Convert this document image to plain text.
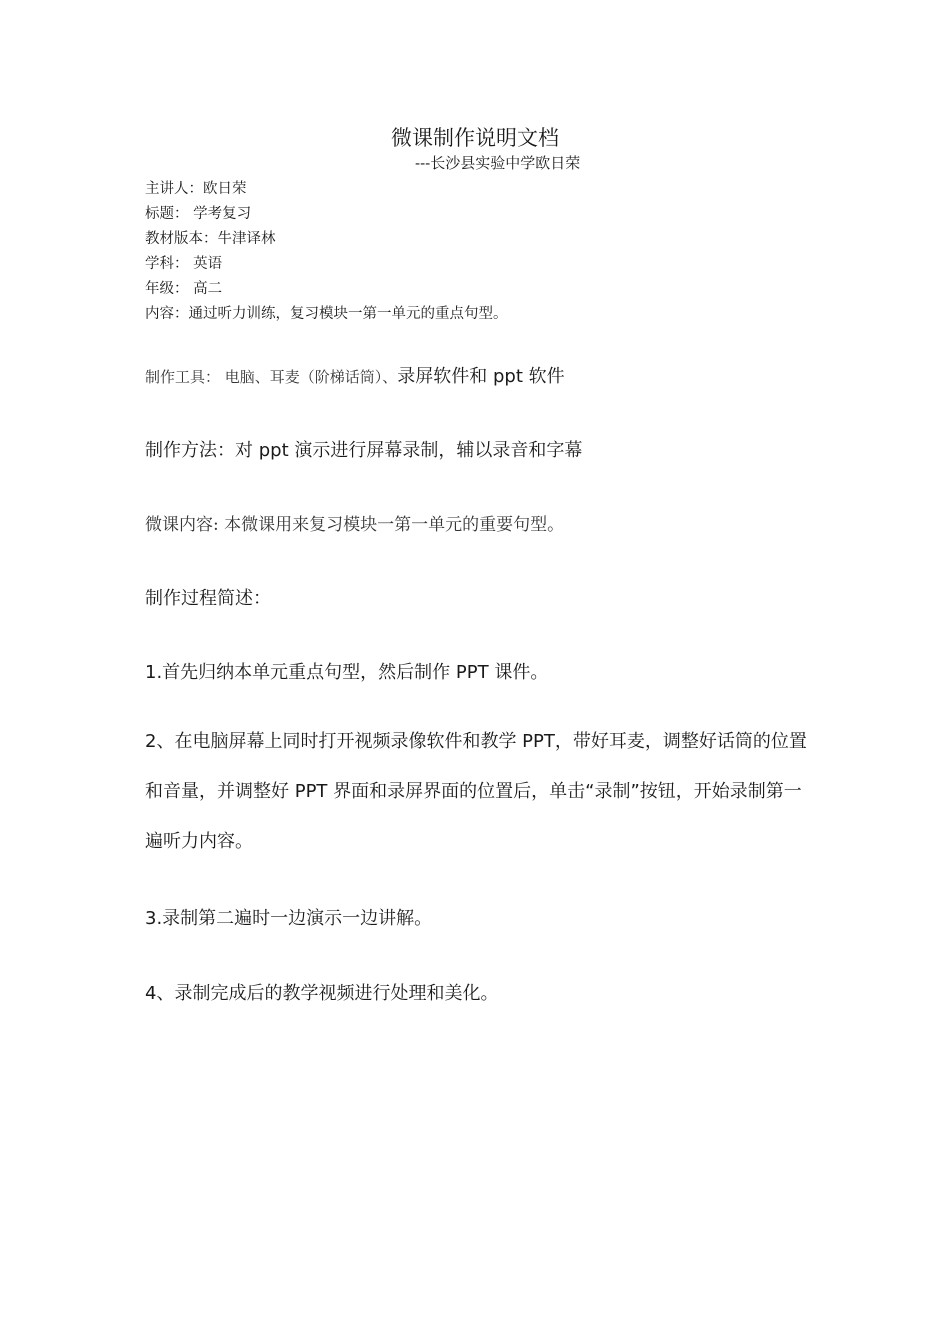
微课制作说明文档
---长沙县实验中学欧日荣
主讲人：欧日荣
标题： 学考复习
教材版本：牛津译林
学科： 英语
年级： 高二
内容：通过听力训练，复习模块一第一单元的重点句型。
制作工具： 电脑、耳麦（阶梯话筒）、录屏软件和 ppt 软件
制作方法：对 ppt 演示进行屏幕录制，辅以录音和字幕
微课内容: 本微课用来复习模块一第一单元的重要句型。
制作过程简述：
1.首先归纳本单元重点句型，然后制作 PPT 课件。
2、在电脑屏幕上同时打开视频录像软件和教学 PPT，带好耳麦，调整好话筒的位置和音量，并调整好 PPT 界面和录屏界面的位置后，单击“录制”按钮，开始录制第一遍听力内容。
3.录制第二遍时一边演示一边讲解。
4、录制完成后的教学视频进行处理和美化。
